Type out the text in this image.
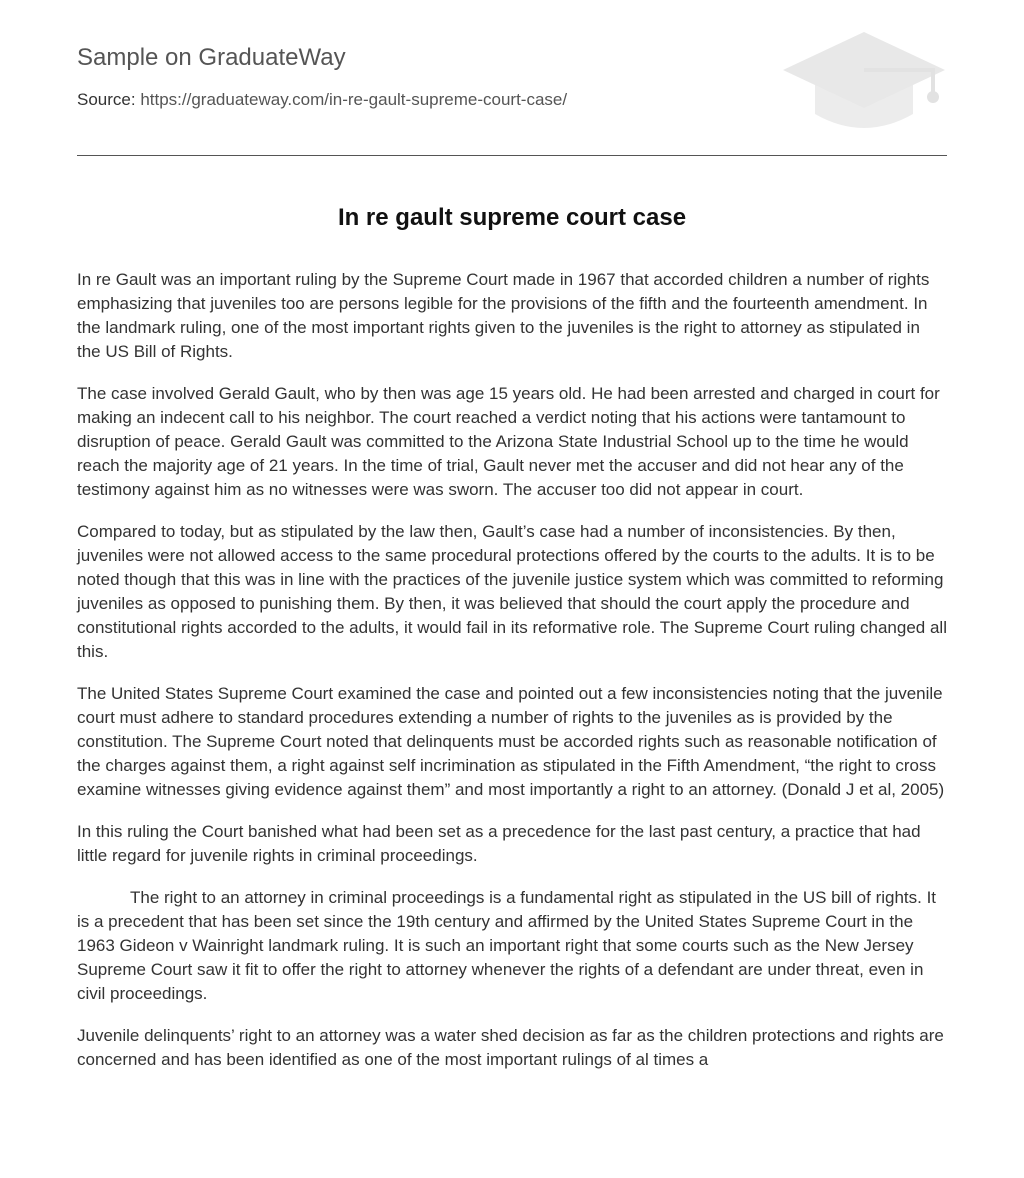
Sample on GraduateWay
Source: https://graduateway.com/in-re-gault-supreme-court-case/
In re gault supreme court case

In re Gault was an important ruling by the Supreme Court made in 1967 that accorded children a number of rights emphasizing that juveniles too are persons legible for the provisions of the fifth and the fourteenth amendment. In the landmark ruling, one of the most important rights given to the juveniles is the right to attorney as stipulated in the US Bill of Rights.

The case involved Gerald Gault, who by then was age 15 years old. He had been arrested and charged in court for making an indecent call to his neighbor. The court reached a verdict noting that his actions were tantamount to disruption of peace. Gerald Gault was committed to the Arizona State Industrial School up to the time he would reach the majority age of 21 years. In the time of trial, Gault never met the accuser and did not hear any of the testimony against him as no witnesses were was sworn. The accuser too did not appear in court.

Compared to today, but as stipulated by the law then, Gault’s case had a number of inconsistencies. By then, juveniles were not allowed access to the same procedural protections offered by the courts to the adults. It is to be noted though that this was in line with the practices of the juvenile justice system which was committed to reforming juveniles as opposed to punishing them. By then, it was believed that should the court apply the procedure and constitutional rights accorded to the adults, it would fail in its reformative role. The Supreme Court ruling changed all this.

The United States Supreme Court examined the case and pointed out a few inconsistencies noting that the juvenile court must adhere to standard procedures extending a number of rights to the juveniles as is provided by the constitution. The Supreme Court noted that delinquents must be accorded rights such as reasonable notification of the charges against them, a right against self incrimination as stipulated in the Fifth Amendment, “the right to cross examine witnesses giving evidence against them” and most importantly a right to an attorney. (Donald J et al, 2005)

In this ruling the Court banished what had been set as a precedence for the last past century, a practice that had little regard for juvenile rights in criminal proceedings.

The right to an attorney in criminal proceedings is a fundamental right as stipulated in the US bill of rights. It is a precedent that has been set since the 19th century and affirmed by the United States Supreme Court in the 1963 Gideon v Wainright landmark ruling. It is such an important right that some courts such as the New Jersey Supreme Court saw it fit to offer the right to attorney whenever the rights of a defendant are under threat, even in civil proceedings.

Juvenile delinquents’ right to an attorney was a water shed decision as far as the children protections and rights are concerned and has been identified as one of the most important rulings of al times a
